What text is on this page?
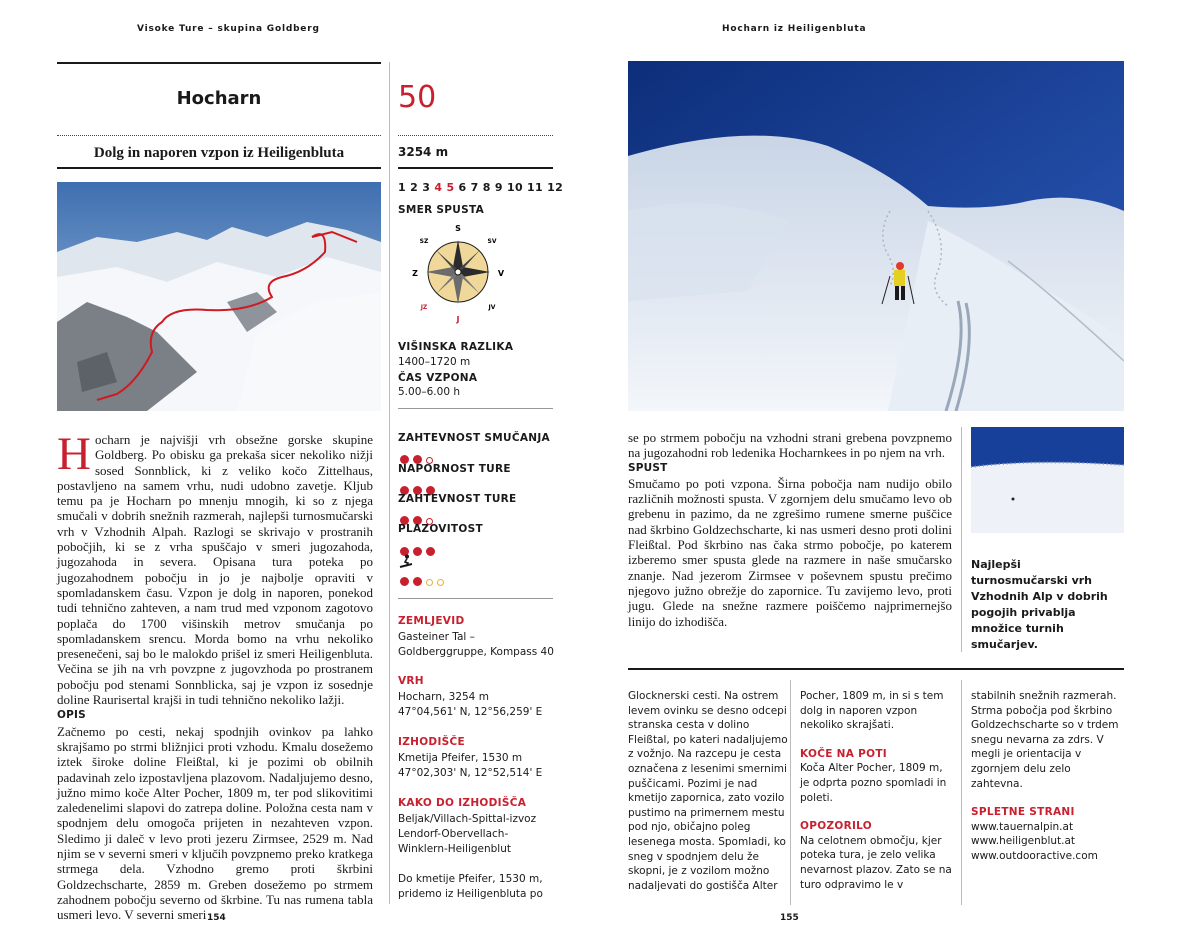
Visoke Ture – skupina Goldberg
Hocharn
Dolg in naporen vzpon iz Heiligenbluta
Hocharn je najvišji vrh obsežne gorske skupine Goldberg. Po obisku ga prekaša sicer nekoliko nižji sosed Sonnblick, ki z veliko kočo Zittelhaus, postavljeno na samem vrhu, nudi udobno zavetje. Kljub temu pa je Hocharn po mnenju mnogih, ki so z njega smučali v dobrih snežnih razmerah, najlepši turnosmučarski vrh v Vzhodnih Alpah. Razlogi se skrivajo v prostranih pobočjih, ki se z vrha spuščajo v smeri jugozahoda, jugozahoda in severa. Opisana tura poteka po jugozahodnem pobočju in jo je najbolje opraviti v spomladanskem času. Vzpon je dolg in naporen, ponekod tudi tehnično zahteven, a nam trud med vzponom zagotovo poplača do 1700 višinskih metrov smučanja po spomladanskem srencu. Morda bomo na vrhu nekoliko presenečeni, saj bo le malokdo prišel iz smeri Heiligenbluta. Večina se jih na vrh povzpne z jugovzhoda po prostranem pobočju pod stenami Sonnblicka, saj je vzpon iz sosednje doline Raurisertal krajši in tudi tehnično nekoliko lažji.
OPIS

Začnemo po cesti, nekaj spodnjih ovinkov pa lahko skrajšamo po strmi bližnjici proti vzhodu. Kmalu dosežemo iztek široke doline Fleißtal, ki je pozimi ob obilnih padavinah zelo izpostavljena plazovom. Nadaljujemo desno, južno mimo koče Alter Pocher, 1809 m, ter pod slikovitimi zaledenelimi slapovi do zatrepa doline. Položna cesta nam v spodnjem delu omogoča prijeten in nezahteven vzpon. Sledimo ji daleč v levo proti jezeru Zirmsee, 2529 m. Nad njim se v severni smeri v ključih povzpnemo preko kratkega strmega dela. Vzhodno gremo proti škrbini Goldzechscharte, 2859 m. Greben dosežemo po strmem zahodnem pobočju severno od škrbine. Tu nas rumena tabla usmeri levo. V severni smeri 154
50
3254 m
1 2 3 4 5 6 7 8 9 10 11 12
SMER SPUSTA
S
SV
V
JV
J
JZ
Z
SZ
VIŠINSKA RAZLIKA
1400–1720 m
ČAS VZPONA
5.00–6.00 h
ZAHTEVNOST SMUČANJA
NAPORNOST TURE
ZAHTEVNOST TURE
PLAZOVITOST
ZEMLJEVID
Gasteiner Tal –
Goldberggruppe, Kompass 40
VRH
Hocharn, 3254 m
47°04,561' N, 12°56,259' E
IZHODIŠČE
Kmetija Pfeifer, 1530 m
47°02,303' N, 12°52,514' E
KAKO DO IZHODIŠČA
Beljak/Villach-Spittal-izvoz
Lendorf-Obervellach-
Winklern-Heiligenblut
Do kmetije Pfeifer, 1530 m,
pridemo iz Heiligenbluta po
Hocharn iz Heiligenbluta

se po strmem pobočju na vzhodni strani grebena povzpnemo na jugozahodni rob ledenika Hocharnkees in po njem na vrh.

SPUST

Smučamo po poti vzpona. Širna pobočja nam nudijo obilo različnih možnosti spusta. V zgornjem delu smučamo levo ob grebenu in pazimo, da ne zgrešimo rumene smerne puščice nad škrbino Goldzechscharte, ki nas usmeri desno proti dolini Fleißtal. Pod škrbino nas čaka strmo pobočje, po katerem izberemo smer spusta glede na razmere in naše smučarsko znanje. Nad jezerom Zirmsee v poševnem spustu prečimo njegovo južno obrežje do zapornice. Tu zavijemo levo, proti jugu. Glede na snežne razmere poiščemo najprimernejšo linijo do izhodišča.

Najlepši turnosmučarski vrh Vzhodnih Alp v dobrih pogojih privablja množice turnih smučarjev.

Glocknerski cesti. Na ostrem levem ovinku se desno odcepi stranska cesta v dolino Fleißtal, po kateri nadaljujemo z vožnjo. Na razcepu je cesta označena z lesenimi smernimi puščicami. Pozimi je nad kmetijo zapornica, zato vozilo pustimo na primernem mestu pod njo, običajno poleg lesenega mosta. Spomladi, ko sneg v spodnjem delu že skopni, je z vozilom možno nadaljevati do gostišča Alter

Pocher, 1809 m, in si s tem dolg in naporen vzpon nekoliko skrajšati.

KOČE NA POTI

Koča Alter Pocher, 1809 m, je odprta pozno spomladi in poleti.

OPOZORILO

Na celotnem območju, kjer poteka tura, je zelo velika nevarnost plazov. Zato se na turo odpravimo le v

stabilnih snežnih razmerah. Strma pobočja pod škrbino Goldzechscharte so v trdem snegu nevarna za zdrs. V megli je orientacija v zgornjem delu zelo zahtevna.

SPLETNE STRANI

www.tauernalpin.at

www.heiligenblut.at

www.outdooractive.com

155
